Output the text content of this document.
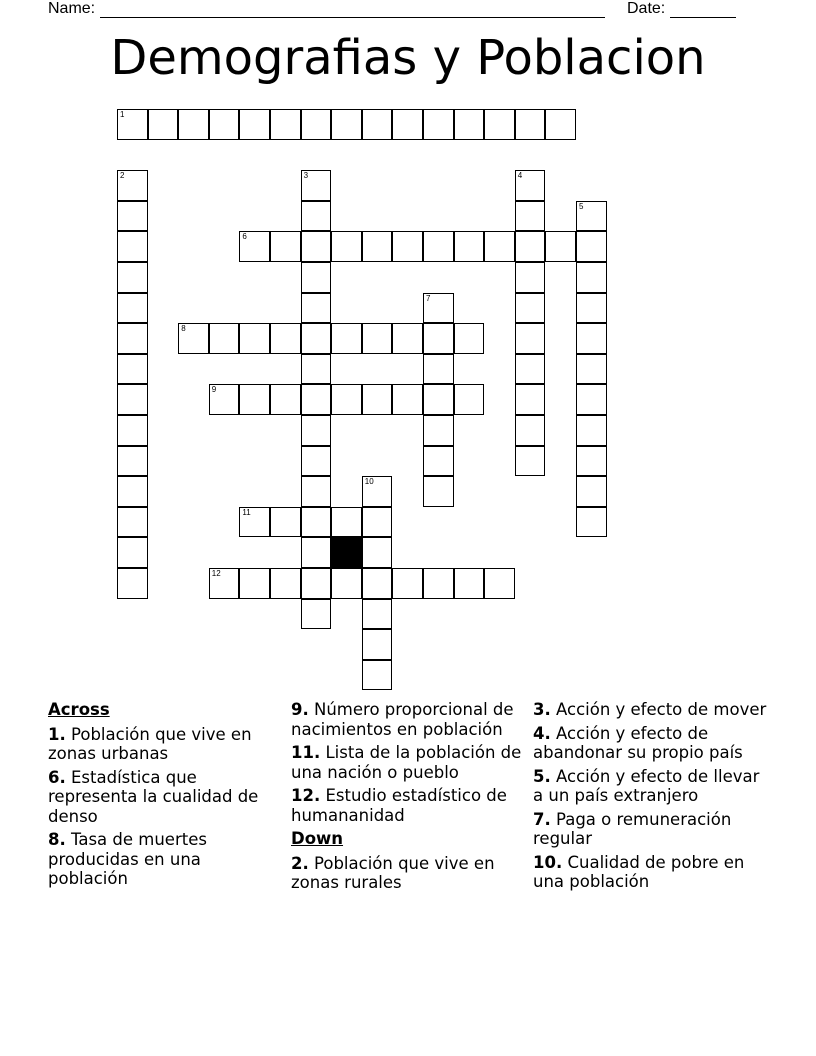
Name:	Date:
Demografias y Poblacion
1
2	3	4
5
6
7
8
9
10
11
12
Across
1. Población que vive en zonas urbanas
6. Estadística que representa la cualidad de denso
8. Tasa de muertes producidas en una población
9. Número proporcional de nacimientos en población
11. Lista de la población de una nación o pueblo
12. Estudio estadístico de humananidad
Down
2. Población que vive en zonas rurales
3. Acción y efecto de mover
4. Acción y efecto de abandonar su propio país
5. Acción y efecto de llevar a un país extranjero
7. Paga o remuneración regular
10. Cualidad de pobre en una población
